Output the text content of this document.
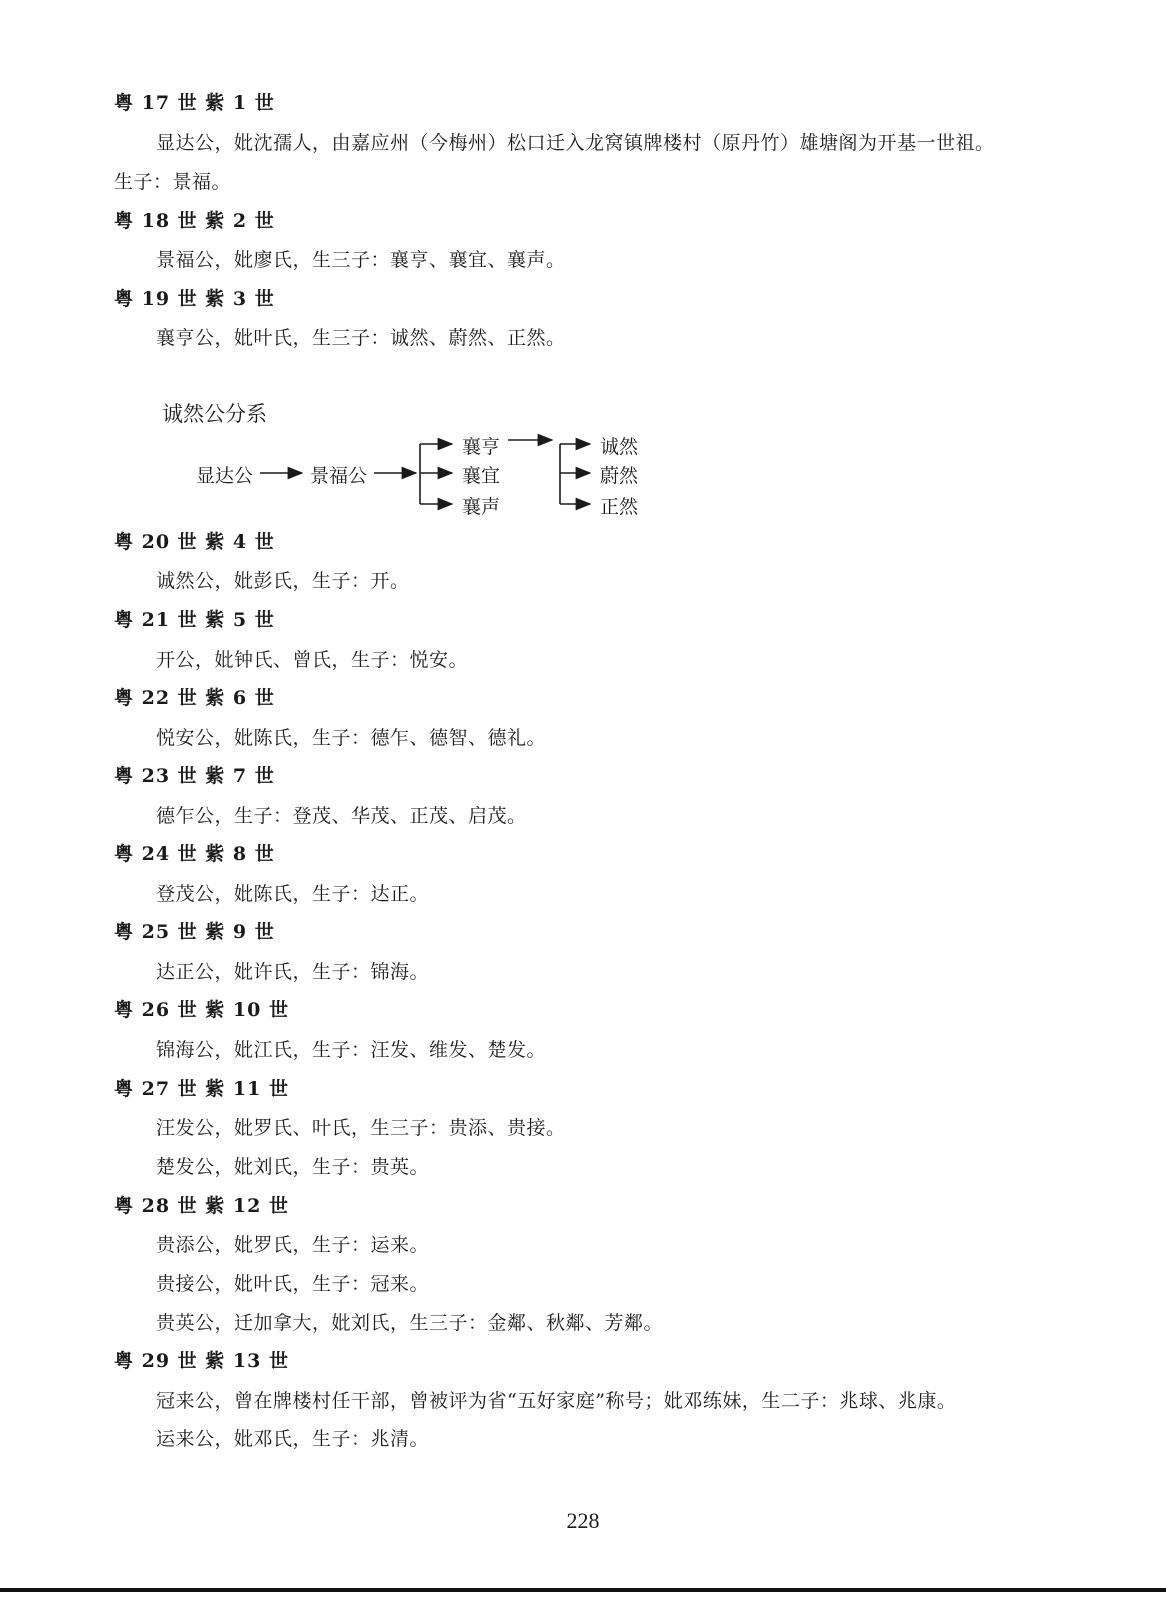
粤 17 世 紫 1 世
显达公，妣沈孺人，由嘉应州（今梅州）松口迁入龙窝镇牌楼村（原丹竹）雄塘阁为开基一世祖。
生子：景福。
粤 18 世 紫 2 世
景福公，妣廖氏，生三子：襄亨、襄宜、襄声。
粤 19 世 紫 3 世
襄亨公，妣叶氏，生三子：诚然、蔚然、正然。
诚然公分系
显达公	景福公
襄亨
襄宜
襄声
诚然
蔚然
正然
粤 20 世 紫 4 世
诚然公，妣彭氏，生子：开。
粤 21 世 紫 5 世
开公，妣钟氏、曾氏，生子：悦安。
粤 22 世 紫 6 世
悦安公，妣陈氏，生子：德乍、德智、德礼。
粤 23 世 紫 7 世
德乍公，生子：登茂、华茂、正茂、启茂。
粤 24 世 紫 8 世
登茂公，妣陈氏，生子：达正。
粤 25 世 紫 9 世
达正公，妣许氏，生子：锦海。
粤 26 世 紫 10 世
锦海公，妣江氏，生子：汪发、维发、楚发。
粤 27 世 紫 11 世
汪发公，妣罗氏、叶氏，生三子：贵添、贵接。
楚发公，妣刘氏，生子：贵英。
粤 28 世 紫 12 世
贵添公，妣罗氏，生子：运来。
贵接公，妣叶氏，生子：冠来。
贵英公，迁加拿大，妣刘氏，生三子：金鄰、秋鄰、芳鄰。
粤 29 世 紫 13 世
冠来公，曾在牌楼村任干部，曾被评为省“五好家庭”称号；妣邓练妹，生二子：兆球、兆康。
运来公，妣邓氏，生子：兆清。
228
